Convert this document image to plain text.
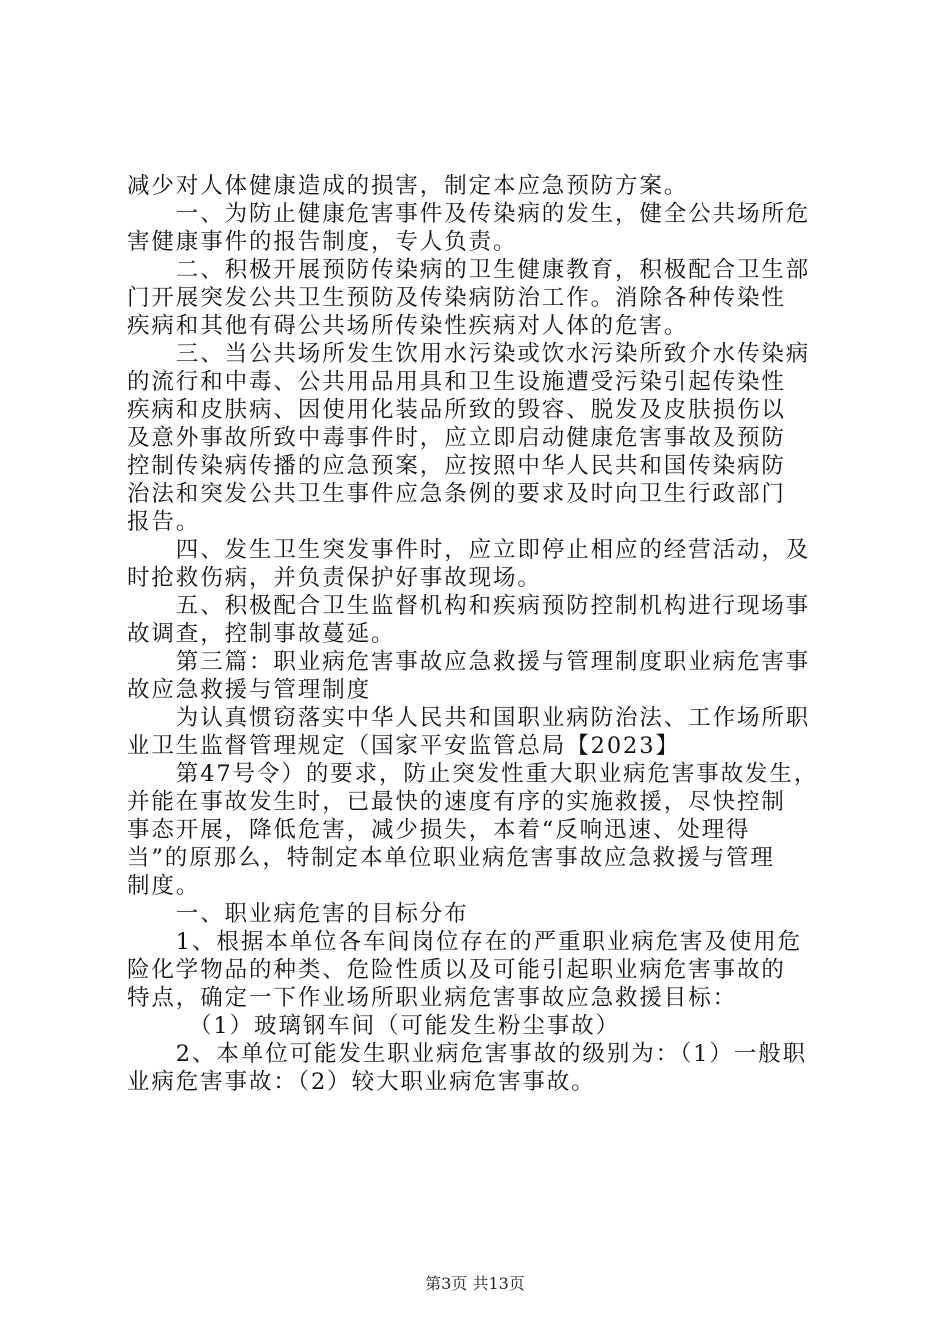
减少对人体健康造成的损害，制定本应急预防方案。
　　一、为防止健康危害事件及传染病的发生，健全公共场所危
害健康事件的报告制度，专人负责。
　　二、积极开展预防传染病的卫生健康教育，积极配合卫生部
门开展突发公共卫生预防及传染病防治工作。消除各种传染性
疾病和其他有碍公共场所传染性疾病对人体的危害。
　　三、当公共场所发生饮用水污染或饮水污染所致介水传染病
的流行和中毒、公共用品用具和卫生设施遭受污染引起传染性
疾病和皮肤病、因使用化装品所致的毁容、脱发及皮肤损伤以
及意外事故所致中毒事件时，应立即启动健康危害事故及预防
控制传染病传播的应急预案，应按照中华人民共和国传染病防
治法和突发公共卫生事件应急条例的要求及时向卫生行政部门
报告。
　　四、发生卫生突发事件时，应立即停止相应的经营活动，及
时抢救伤病，并负责保护好事故现场。
　　五、积极配合卫生监督机构和疾病预防控制机构进行现场事
故调查，控制事故蔓延。
　　第三篇：职业病危害事故应急救援与管理制度职业病危害事
故应急救援与管理制度
　　为认真惯窃落实中华人民共和国职业病防治法、工作场所职
业卫生监督管理规定（国家平安监管总局【2023】
　　第47号令）的要求，防止突发性重大职业病危害事故发生，
并能在事故发生时，已最快的速度有序的实施救援，尽快控制
事态开展，降低危害，减少损失，本着“反响迅速、处理得
当”的原那么，特制定本单位职业病危害事故应急救援与管理
制度。
　　一、职业病危害的目标分布
　　1、根据本单位各车间岗位存在的严重职业病危害及使用危
险化学物品的种类、危险性质以及可能引起职业病危害事故的
特点，确定一下作业场所职业病危害事故应急救援目标：
　　　（1）玻璃钢车间（可能发生粉尘事故）
　　2、本单位可能发生职业病危害事故的级别为：（1）一般职
业病危害事故：（2）较大职业病危害事故。
第3页 共13页
